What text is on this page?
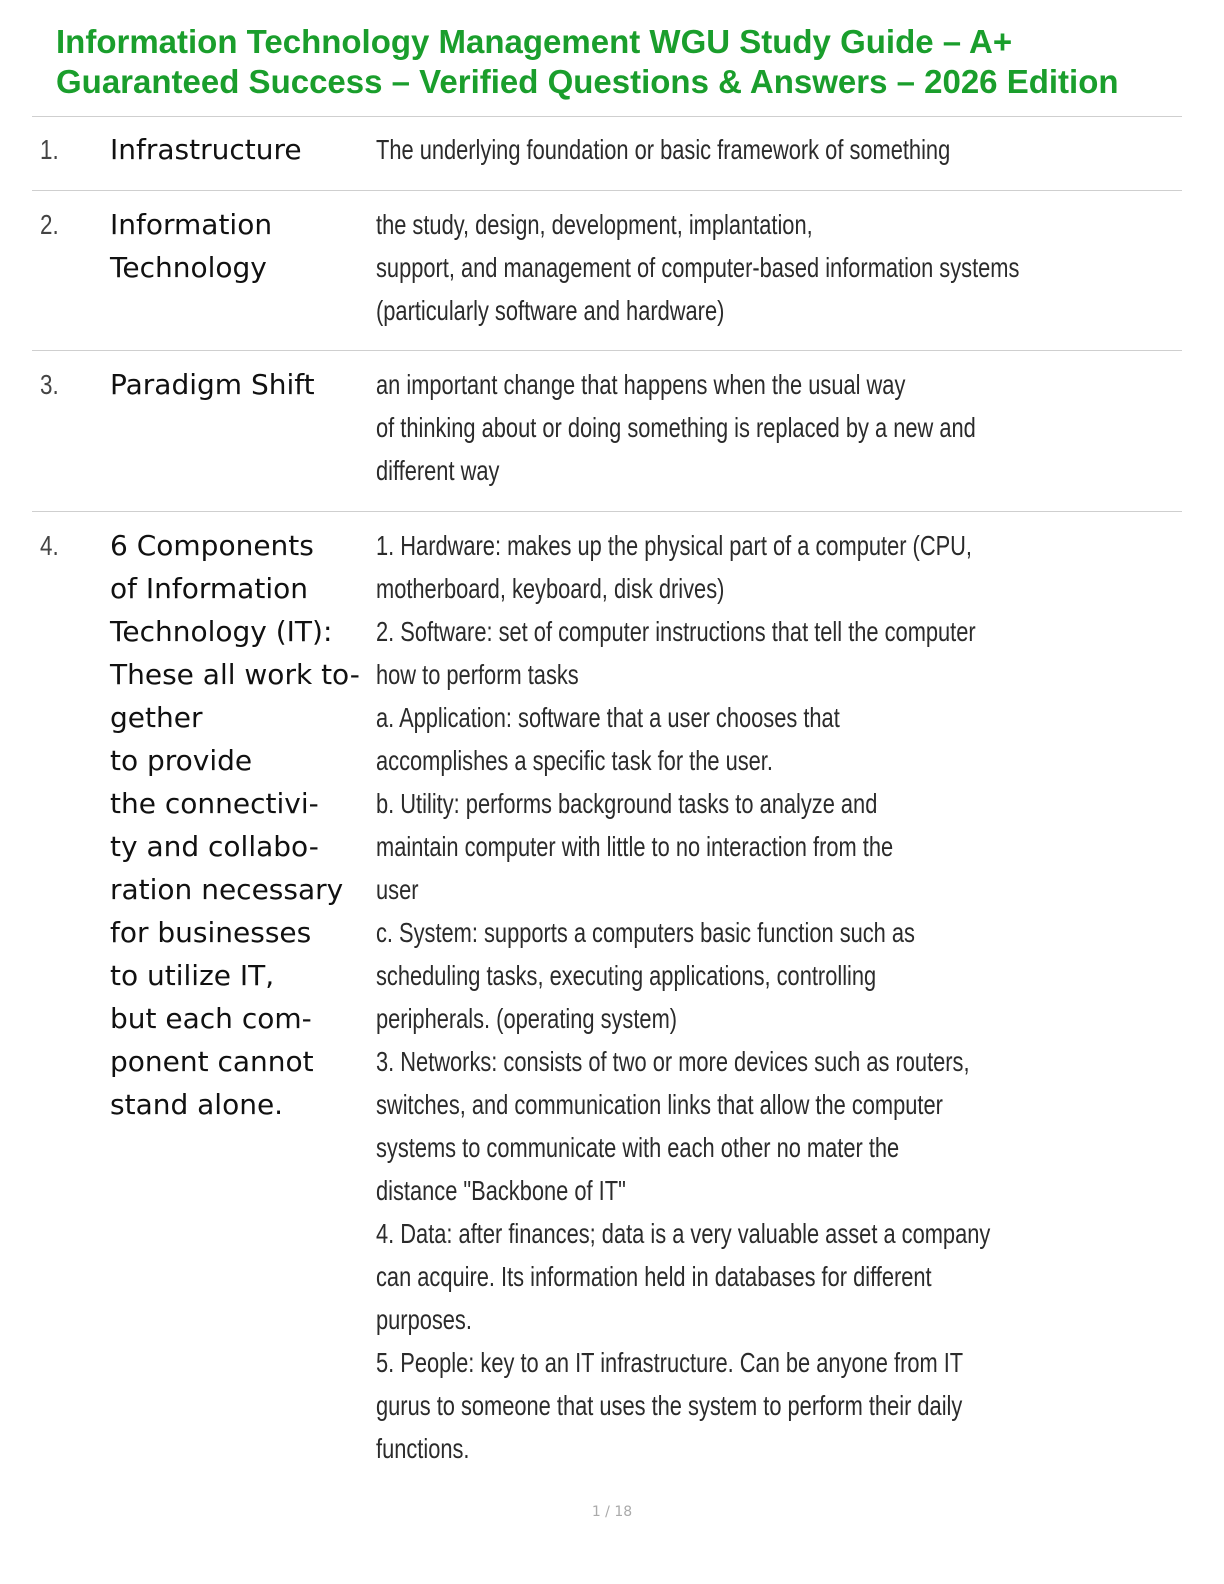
Information Technology Management WGU Study Guide – A+
Guaranteed Success – Verified Questions & Answers – 2026 Edition
1. Infrastructure	The underlying foundation or basic framework of something
2. Information
Technology
the study, design, development, implantation,
support, and management of computer-based information systems
(particularly software and hardware)
3. Paradigm Shift	an important change that happens when the usual way
of thinking about or doing something is replaced by a new and
different way
4. 6 Components
of Information
Technology (IT):
These all work to-
gether
to provide
the connectivi-
ty and collabo-
ration necessary
for businesses
to utilize IT,
but each com-
ponent cannot
stand alone.
1. Hardware: makes up the physical part of a computer (CPU,
motherboard, keyboard, disk drives)
2. Software: set of computer instructions that tell the computer
how to perform tasks
a. Application: software that a user chooses that
accomplishes a specific task for the user.
b. Utility: performs background tasks to analyze and
maintain computer with little to no interaction from the
user
c. System: supports a computers basic function such as
scheduling tasks, executing applications, controlling
peripherals. (operating system)
3. Networks: consists of two or more devices such as routers,
switches, and communication links that allow the computer
systems to communicate with each other no mater the
distance "Backbone of IT"
4. Data: after finances; data is a very valuable asset a company
can acquire. Its information held in databases for different
purposes.
5. People: key to an IT infrastructure. Can be anyone from IT
gurus to someone that uses the system to perform their daily
functions.
1 / 18
